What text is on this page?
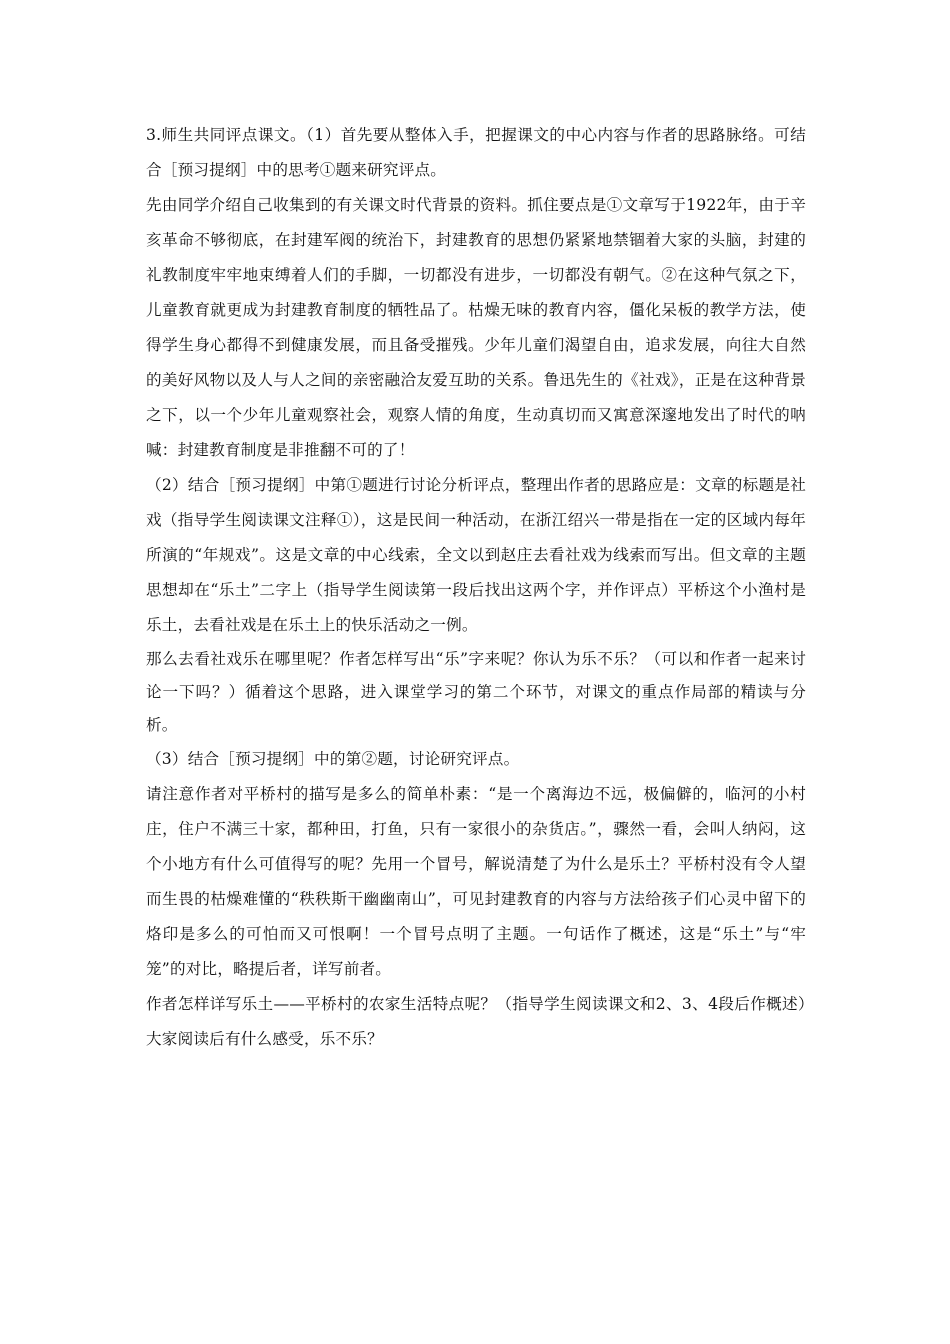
3.师生共同评点课文。（1）首先要从整体入手，把握课文的中心内容与作者的思路脉络。可结合［预习提纲］中的思考①题来研究评点。

先由同学介绍自己收集到的有关课文时代背景的资料。抓住要点是①文章写于1922年，由于辛亥革命不够彻底，在封建军阀的统治下，封建教育的思想仍紧紧地禁锢着大家的头脑，封建的礼教制度牢牢地束缚着人们的手脚，一切都没有进步，一切都没有朝气。②在这种气氛之下，儿童教育就更成为封建教育制度的牺牲品了。枯燥无味的教育内容，僵化呆板的教学方法，使得学生身心都得不到健康发展，而且备受摧残。少年儿童们渴望自由，追求发展，向往大自然的美好风物以及人与人之间的亲密融洽友爱互助的关系。鲁迅先生的《社戏》，正是在这种背景之下，以一个少年儿童观察社会，观察人情的角度，生动真切而又寓意深邃地发出了时代的呐喊：封建教育制度是非推翻不可的了！

（2）结合［预习提纲］中第①题进行讨论分析评点，整理出作者的思路应是：文章的标题是社戏（指导学生阅读课文注释①），这是民间一种活动，在浙江绍兴一带是指在一定的区域内每年所演的“年规戏”。这是文章的中心线索，全文以到赵庄去看社戏为线索而写出。但文章的主题思想却在“乐土”二字上（指导学生阅读第一段后找出这两个字，并作评点）平桥这个小渔村是乐土，去看社戏是在乐土上的快乐活动之一例。

那么去看社戏乐在哪里呢？作者怎样写出“乐”字来呢？你认为乐不乐？（可以和作者一起来讨论一下吗？）循着这个思路，进入课堂学习的第二个环节，对课文的重点作局部的精读与分析。

（3）结合［预习提纲］中的第②题，讨论研究评点。

请注意作者对平桥村的描写是多么的简单朴素：“是一个离海边不远，极偏僻的，临河的小村庄，住户不满三十家，都种田，打鱼，只有一家很小的杂货店。”，骤然一看，会叫人纳闷，这个小地方有什么可值得写的呢？先用一个冒号，解说清楚了为什么是乐土？平桥村没有令人望而生畏的枯燥难懂的“秩秩斯干幽幽南山”，可见封建教育的内容与方法给孩子们心灵中留下的烙印是多么的可怕而又可恨啊！一个冒号点明了主题。一句话作了概述，这是“乐土”与“牢笼”的对比，略提后者，详写前者。

作者怎样详写乐土——平桥村的农家生活特点呢？（指导学生阅读课文和2、3、4段后作概述）大家阅读后有什么感受，乐不乐？
